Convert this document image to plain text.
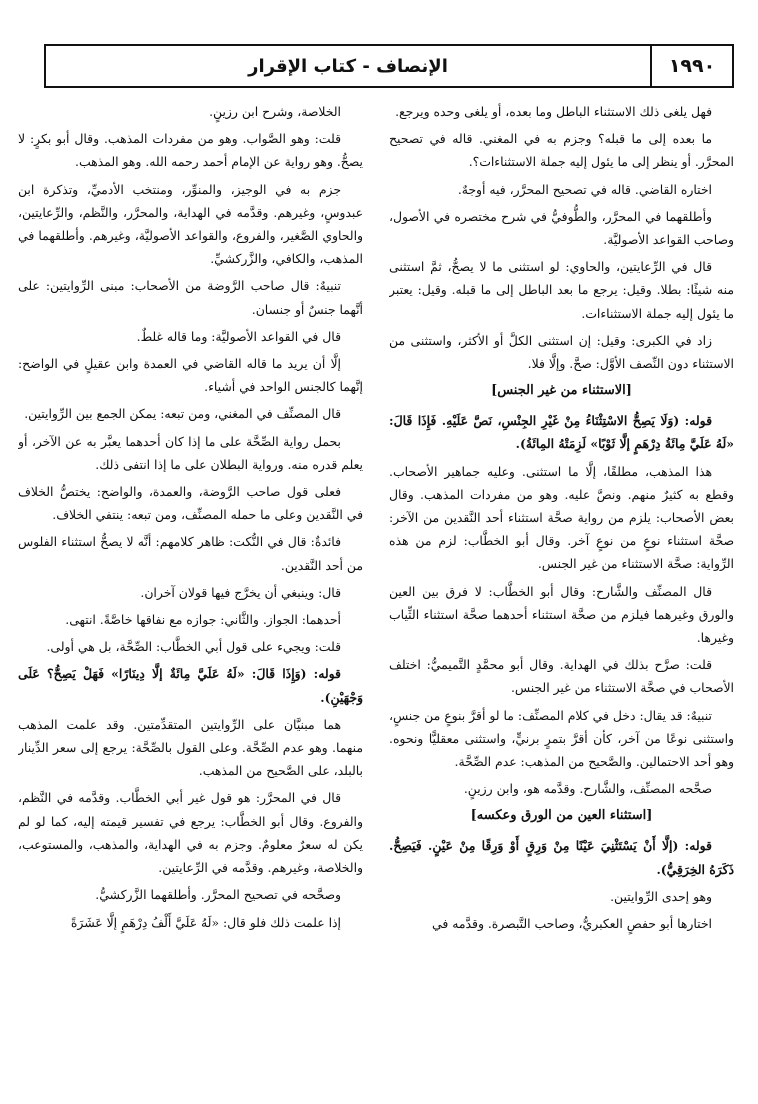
١٩٩٠
الإنصاف - كتاب الإقرار

فهل يلغى ذلك الاستثناء الباطل وما بعده، أو يلغى وحده ويرجع.

ما بعده إلى ما قبله؟ وجزم به في المغني. قاله في تصحيح المحرَّر. أو ينظر إلى ما يئول إليه جملة الاستثناءات؟.

اختاره القاضي. قاله في تصحيح المحرَّر، فيه أوجهٌ.

وأطلقهما في المحرَّر، والطُّوفيُّ في شرح مختصره في الأصول، وصاحب القواعد الأصوليَّة.

قال في الرِّعايتين، والحاوي: لو استثنى ما لا يصحُّ، ثمَّ استثنى منه شيئًا: بطلا. وقيل: يرجع ما بعد الباطل إلى ما قبله. وقيل: يعتبر ما يئول إليه جملة الاستثناءات.

زاد في الكبرى: وقيل: إن استثنى الكلَّ أو الأكثر، واستثنى من الاستثناء دون النِّصف الأوَّل: صحَّ. وإلَّا فلا.

[الاستثناء من غير الجنس]

قوله: (وَلَا يَصِحُّ الاسْتِثْنَاءُ مِنْ غَيْرِ الجِنْسِ، نَصَّ عَلَيْهِ. فَإِذَا قَالَ: «لَهُ عَلَيَّ مِائَةُ دِرْهَمٍ إلَّا ثَوْبًا» لَزِمَتْهُ المِائَةُ).

هذا المذهب، مطلقًا، إلَّا ما استثنى. وعليه جماهير الأصحاب. وقطع به كثيرٌ منهم. ونصَّ عليه. وهو من مفردات المذهب. وقال بعض الأصحاب: يلزم من رواية صحَّة استثناء أحد النَّقدين من الآخر: صحَّة استثناء نوعٍ من نوعٍ آخر. وقال أبو الخطَّاب: لزم من هذه الرِّواية: صحَّة الاستثناء من غير الجنس.

قال المصنِّف والشَّارح: وقال أبو الخطَّاب: لا فرق بين العين والورق وغيرهما فيلزم من صحَّة استثناء أحدهما صحَّة استثناء الثِّياب وغيرها.

قلت: صرَّح بذلك في الهداية. وقال أبو محمَّدٍ التَّميميُّ: اختلف الأصحاب في صحَّة الاستثناء من غير الجنس.

تنبيهٌ: قد يقال: دخل في كلام المصنِّف: ما لو أقرَّ بنوعٍ من جنسٍ، واستثنى نوعًا من آخر، كأن أقرَّ بتمرٍ برنيٍّ، واستثنى معقليًّا ونحوه. وهو أحد الاحتمالين. والصَّحيح من المذهب: عدم الصِّحَّة.

صحَّحه المصنِّف، والشَّارح. وقدَّمه هو، وابن رزينٍ.

[استثناء العين من الورق وعكسه]

قوله: (إلَّا أَنْ يَسْتَثْنِيَ عَيْنًا مِنْ وَرِقٍ أَوْ وَرِقًا مِنْ عَيْنٍ. فَيَصِحُّ. ذَكَرَهُ الخِرَقِيُّ).

وهو إحدى الرِّوايتين.

اختارها أبو حفصٍ العكبريُّ، وصاحب التَّبصرة. وقدَّمه في

الخلاصة، وشرح ابن رزينٍ.

قلت: وهو الصَّواب. وهو من مفردات المذهب. وقال أبو بكرٍ: لا يصحُّ. وهو رواية عن الإمام أحمد رحمه الله. وهو المذهب.

جزم به في الوجيز، والمنوِّر، ومنتخب الأدميِّ، وتذكرة ابن عبدوسٍ، وغيرهم. وقدَّمه في الهداية، والمحرَّر، والنَّظم، والرِّعايتين، والحاوي الصَّغير، والفروع، والقواعد الأصوليَّة، وغيرهم. وأطلقهما في المذهب، والكافي، والزَّركشيِّ.

تنبيهٌ: قال صاحب الرَّوضة من الأصحاب: مبنى الرِّوايتين: على أنَّهما جنسٌ أو جنسان.

قال في القواعد الأصوليَّة: وما قاله غلطٌ.

إلَّا أن يريد ما قاله القاضي في العمدة وابن عقيلٍ في الواضح: إنَّهما كالجنس الواحد في أشياء.

قال المصنِّف في المغني، ومن تبعه: يمكن الجمع بين الرِّوايتين.

بحمل رواية الصِّحَّة على ما إذا كان أحدهما يعبَّر به عن الآخر، أو يعلم قدره منه. ورواية البطلان على ما إذا انتفى ذلك.

فعلى قول صاحب الرَّوضة، والعمدة، والواضح: يختصُّ الخلاف في النَّقدين وعلى ما حمله المصنِّف، ومن تبعه: ينتفي الخلاف.

فائدةٌ: قال في النُّكت: ظاهر كلامهم: أنَّه لا يصحُّ استثناء الفلوس من أحد النَّقدين.

قال: وينبغي أن يخرَّج فيها قولان آخران.

أحدهما: الجواز. والثَّاني: جوازه مع نفاقها خاصَّةً. انتهى.

قلت: ويجيء على قول أبي الخطَّاب: الصِّحَّة، بل هي أولى.

قوله: (وَإِذَا قَالَ: «لَهُ عَلَيَّ مِائَةٌ إلَّا دِينَارًا» فَهَلْ يَصِحُّ؟ عَلَى وَجْهَيْنِ).

هما مبنيَّان على الرِّوايتين المتقدِّمتين. وقد علمت المذهب منهما. وهو عدم الصِّحَّة. وعلى القول بالصِّحَّة: يرجع إلى سعر الدِّينار بالبلد، على الصَّحيح من المذهب.

قال في المحرَّر: هو قول غير أبي الخطَّاب. وقدَّمه في النَّظم، والفروع. وقال أبو الخطَّاب: يرجع في تفسير قيمته إليه، كما لو لم يكن له سعرٌ معلومٌ. وجزم به في الهداية، والمذهب، والمستوعب، والخلاصة، وغيرهم. وقدَّمه في الرِّعايتين.

وصحَّحه في تصحيح المحرَّر. وأطلقهما الزَّركشيُّ.

إذا علمت ذلك فلو قال: «لَهُ عَلَيَّ أَلْفُ دِرْهَمٍ إلَّا عَشَرَةً
